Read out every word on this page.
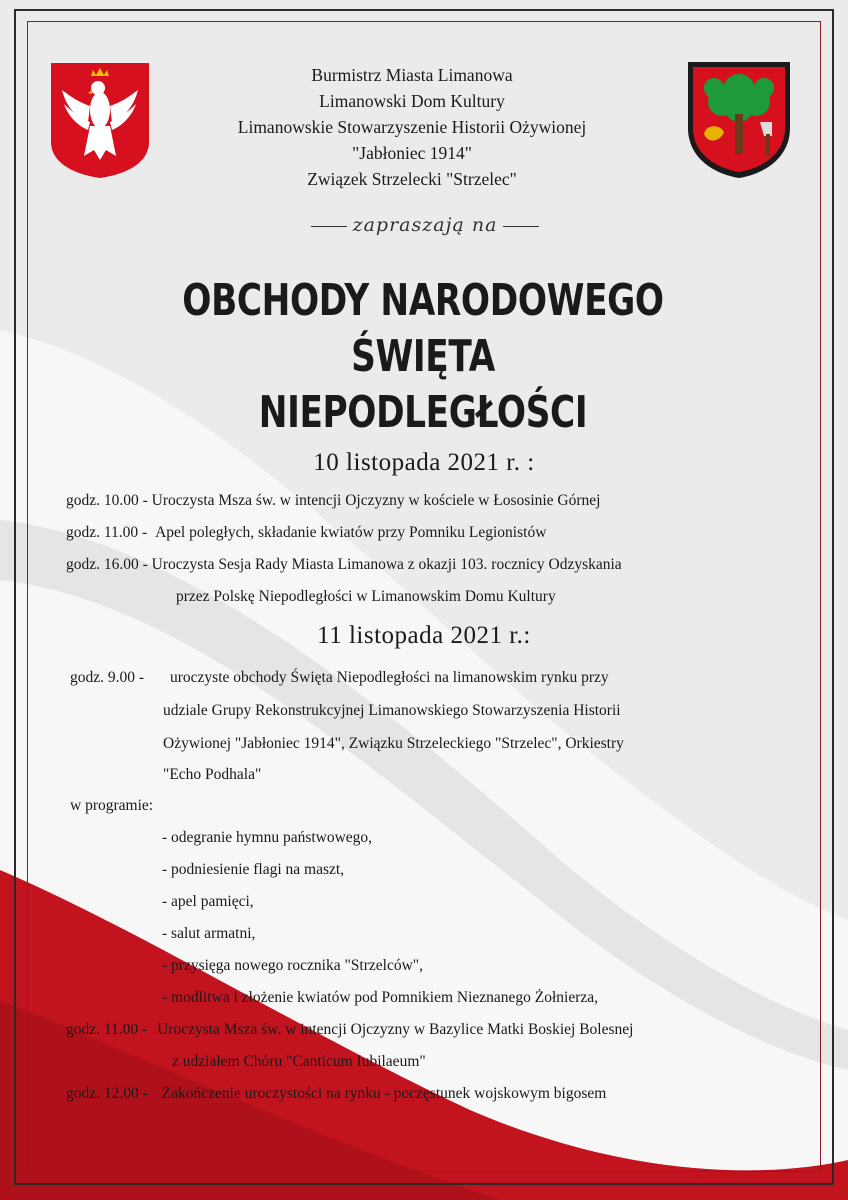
Burmistrz Miasta Limanowa
Limanowski Dom Kultury
Limanowskie Stowarzyszenie Historii Ożywionej
"Jabłoniec 1914"
Związek Strzelecki "Strzelec"
zapraszają na
OBCHODY NARODOWEGO ŚWIĘTA
NIEPODLEGŁOŚCI
10 listopada 2021 r. :
godz. 10.00 - Uroczysta Msza św. w intencji Ojczyzny w kościele w Łososinie Górnej
godz. 11.00 - Apel poległych, składanie kwiatów przy Pomniku Legionistów
godz. 16.00 - Uroczysta Sesja Rady Miasta Limanowa z okazji 103. rocznicy Odzyskania
przez Polskę Niepodległości w Limanowskim Domu Kultury
11 listopada 2021 r.:
godz. 9.00 - uroczyste obchody Święta Niepodległości na limanowskim rynku przy
udziale Grupy Rekonstrukcyjnej Limanowskiego Stowarzyszenia Historii
Ożywionej "Jabłoniec 1914", Związku Strzeleckiego "Strzelec", Orkiestry
"Echo Podhala"
w programie:
- odegranie hymnu państwowego,
- podniesienie flagi na maszt,
- apel pamięci,
- salut armatni,
- przysięga nowego rocznika "Strzelców",
- modlitwa i złożenie kwiatów pod Pomnikiem Nieznanego Żołnierza,
godz. 11.00 - Uroczysta Msza św. w intencji Ojczyzny w Bazylice Matki Boskiej Bolesnej
z udziałem Chóru "Canticum Iubilaeum"
godz. 12.00 - Zakończenie uroczystości na rynku - poczęstunek wojskowym bigosem
